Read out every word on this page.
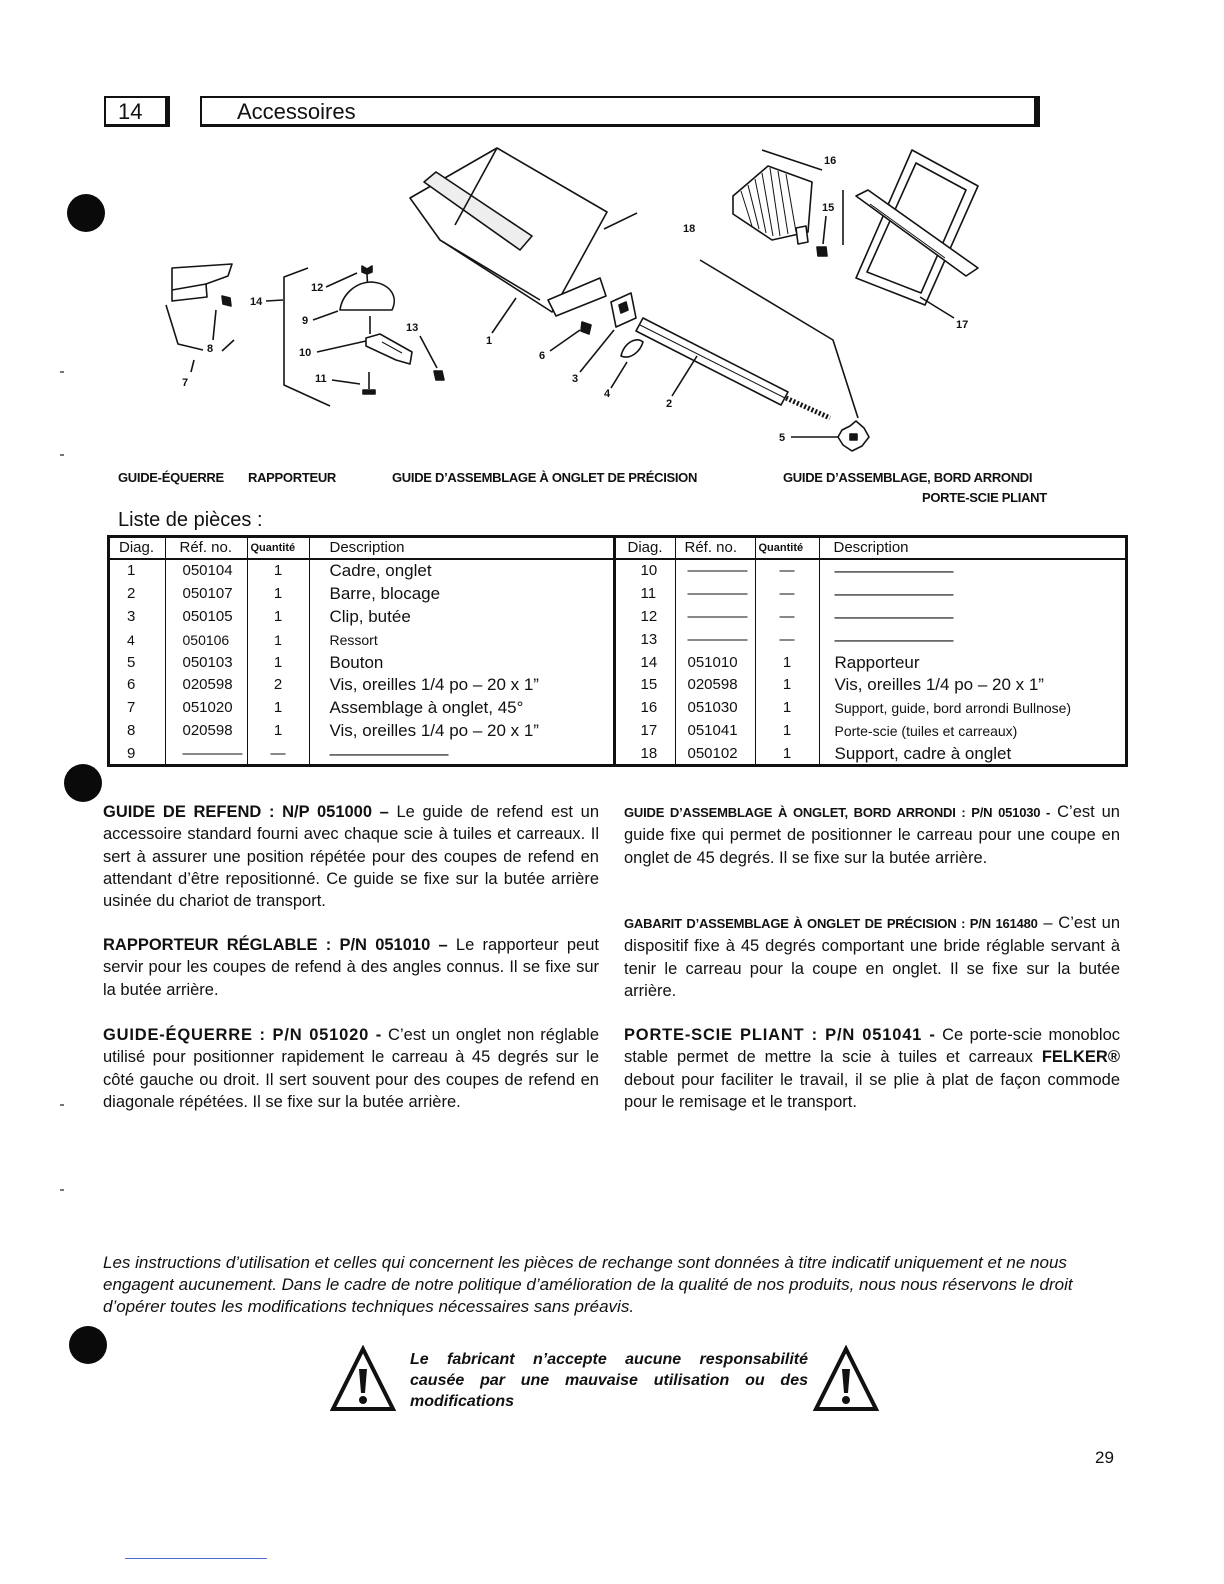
14	Accessoires
8
7
14
12
9
13
10
11
1
6
3
4
2
5
18
16
15
17
GUIDE-ÉQUERRE RAPPORTEUR	GUIDE D’ASSEMBLAGE À ONGLET DE PRÉCISION	GUIDE D’ASSEMBLAGE, BORD ARRONDI
PORTE-SCIE PLIANT
Liste de pièces :
Diag.	Réf. no.	Quantité	Description	Diag.	Réf. no.	Quantité	Description
1	050104	1	Cadre, onglet	10	————	—	———————
2	050107	1	Barre, blocage	11	————	—	———————
3	050105	1	Clip, butée	12	————	—	———————
4	050106	1	Ressort	13	————	—	———————
5	050103	1	Bouton	14	051010	1	Rapporteur
6	020598	2	Vis, oreilles 1/4 po – 20 x 1”	15	020598	1	Vis, oreilles 1/4 po – 20 x 1”
7	051020	1	Assemblage à onglet, 45°	16	051030	1	Support, guide, bord arrondi Bullnose)
8	020598	1	Vis, oreilles 1/4 po – 20 x 1”	17	051041	1	Porte-scie (tuiles et carreaux)
9	————	—	———————	18	050102	1	Support, cadre à onglet
GUIDE DE REFEND : N/P 051000 – Le guide de refend est un accessoire standard fourni avec chaque scie à tuiles et carreaux. Il sert à assurer une position répétée pour des coupes de refend en attendant d’être repositionné. Ce guide se fixe sur la butée arrière usinée du chariot de transport.
RAPPORTEUR RÉGLABLE : P/N 051010 – Le rapporteur peut servir pour les coupes de refend à des angles connus. Il se fixe sur la butée arrière.
GUIDE-ÉQUERRE : P/N 051020 - C’est un onglet non réglable utilisé pour positionner rapidement le carreau à 45 degrés sur le côté gauche ou droit. Il sert souvent pour des coupes de refend en diagonale répétées. Il se fixe sur la butée arrière.
GUIDE D’ASSEMBLAGE À ONGLET, BORD ARRONDI : P/N 051030 - C’est un guide fixe qui permet de positionner le carreau pour une coupe en onglet de 45 degrés. Il se fixe sur la butée arrière.
GABARIT D’ASSEMBLAGE À ONGLET DE PRÉCISION : P/N 161480 – C’est un dispositif fixe à 45 degrés comportant une bride réglable servant à tenir le carreau pour la coupe en onglet. Il se fixe sur la butée arrière.
PORTE-SCIE PLIANT : P/N 051041 - Ce porte-scie monobloc stable permet de mettre la scie à tuiles et carreaux FELKER® debout pour faciliter le travail, il se plie à plat de façon commode pour le remisage et le transport.
Les instructions d’utilisation et celles qui concernent les pièces de rechange sont données à titre indicatif uniquement et ne nous engagent aucunement. Dans le cadre de notre politique d’amélioration de la qualité de nos produits, nous nous réservons le droit d’opérer toutes les modifications techniques nécessaires sans préavis.
Le fabricant n’accepte aucune responsabilité causée par une mauvaise utilisation ou des modifications
29
